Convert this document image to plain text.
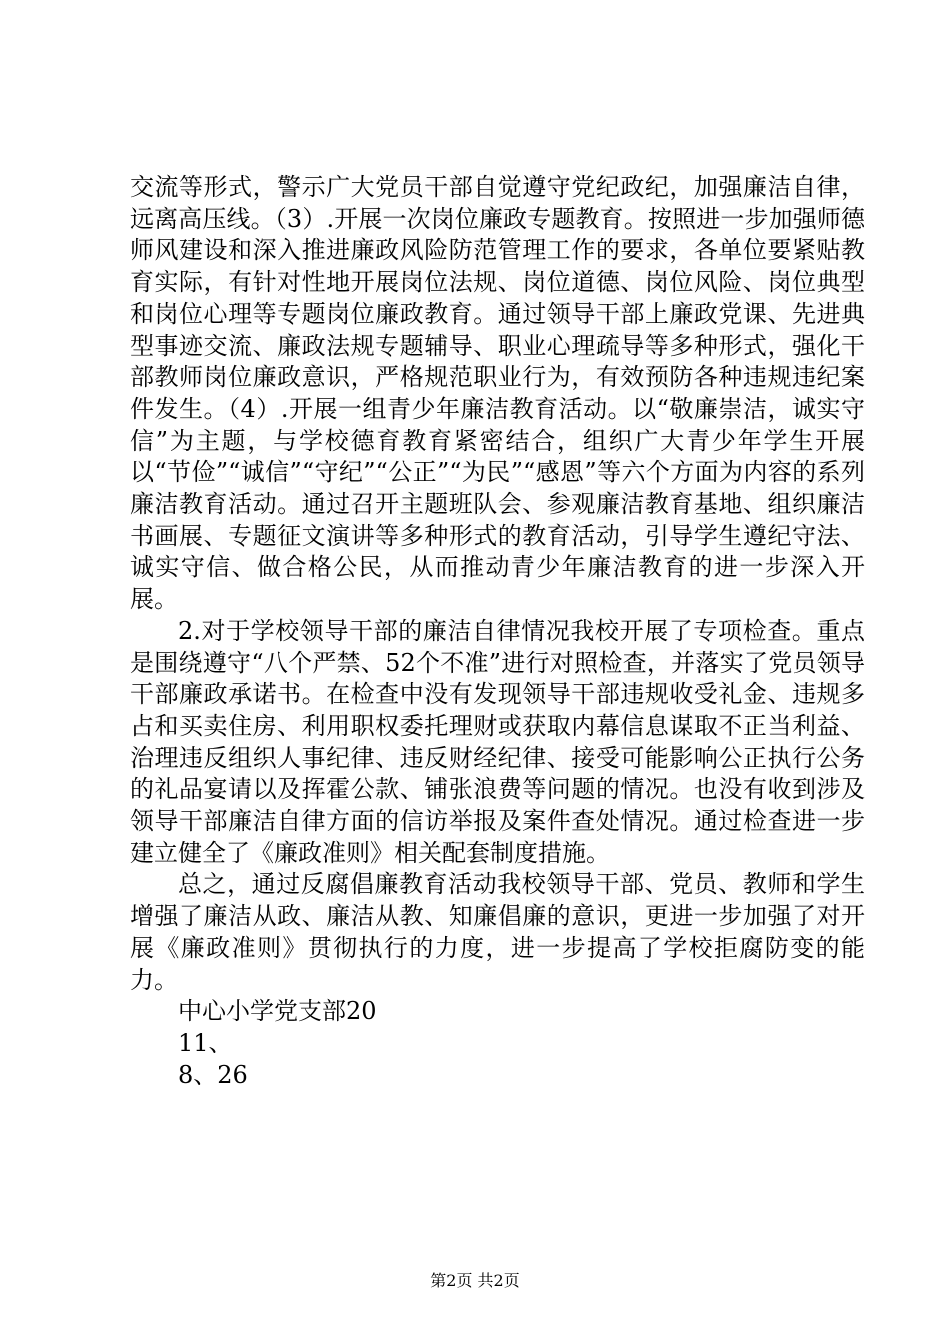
交流等形式，警示广大党员干部自觉遵守党纪政纪，加强廉洁自律，远离高压线。（3）.开展一次岗位廉政专题教育。按照进一步加强师德师风建设和深入推进廉政风险防范管理工作的要求，各单位要紧贴教育实际，有针对性地开展岗位法规、岗位道德、岗位风险、岗位典型和岗位心理等专题岗位廉政教育。通过领导干部上廉政党课、先进典型事迹交流、廉政法规专题辅导、职业心理疏导等多种形式，强化干部教师岗位廉政意识，严格规范职业行为，有效预防各种违规违纪案件发生。（4）.开展一组青少年廉洁教育活动。以“敬廉崇洁，诚实守信”为主题，与学校德育教育紧密结合，组织广大青少年学生开展以“节俭”“诚信”“守纪”“公正”“为民”“感恩”等六个方面为内容的系列廉洁教育活动。通过召开主题班队会、参观廉洁教育基地、组织廉洁书画展、专题征文演讲等多种形式的教育活动，引导学生遵纪守法、诚实守信、做合格公民，从而推动青少年廉洁教育的进一步深入开展。

2.对于学校领导干部的廉洁自律情况我校开展了专项检查。重点是围绕遵守“八个严禁、52个不准”进行对照检查，并落实了党员领导干部廉政承诺书。在检查中没有发现领导干部违规收受礼金、违规多占和买卖住房、利用职权委托理财或获取内幕信息谋取不正当利益、治理违反组织人事纪律、违反财经纪律、接受可能影响公正执行公务的礼品宴请以及挥霍公款、铺张浪费等问题的情况。也没有收到涉及领导干部廉洁自律方面的信访举报及案件查处情况。通过检查进一步建立健全了《廉政准则》相关配套制度措施。

总之，通过反腐倡廉教育活动我校领导干部、党员、教师和学生增强了廉洁从政、廉洁从教、知廉倡廉的意识，更进一步加强了对开展《廉政准则》贯彻执行的力度，进一步提高了学校拒腐防变的能力。

中心小学党支部20

11、

8、26

第2页 共2页
